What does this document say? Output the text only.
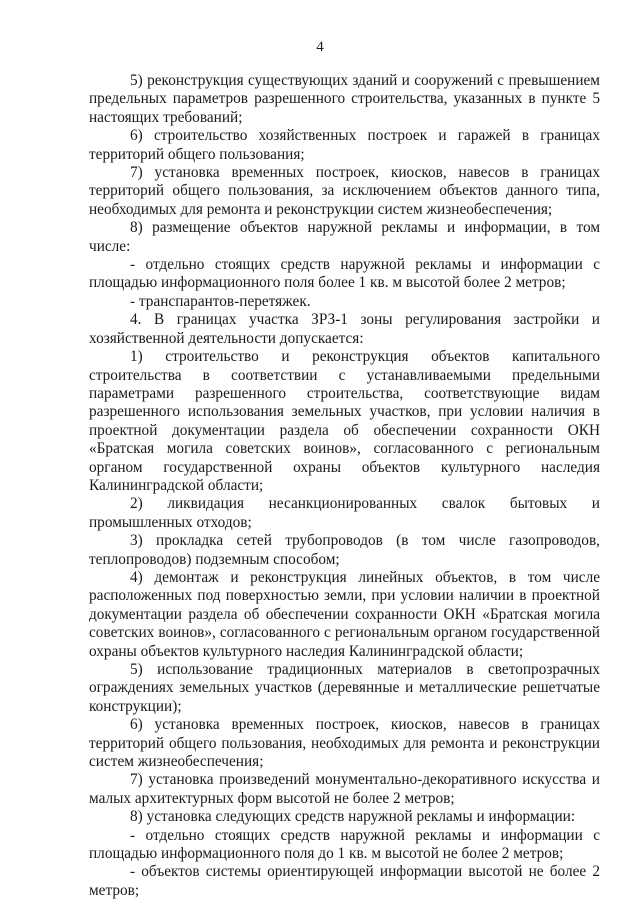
4

5) реконструкция существующих зданий и сооружений с превышением предельных параметров разрешенного строительства, указанных в пункте 5 настоящих требований;

6) строительство хозяйственных построек и гаражей в границах территорий общего пользования;

7) установка временных построек, киосков, навесов в границах территорий общего пользования, за исключением объектов данного типа, необходимых для ремонта и реконструкции систем жизнеобеспечения;

8) размещение объектов наружной рекламы и информации, в том числе:

- отдельно стоящих средств наружной рекламы и информации с площадью информационного поля более 1 кв. м высотой более 2 метров;

- транспарантов-перетяжек.

4. В границах участка ЗРЗ-1 зоны регулирования застройки и хозяйственной деятельности допускается:

1) строительство и реконструкция объектов капитального строительства в соответствии с устанавливаемыми предельными параметрами разрешенного строительства, соответствующие видам разрешенного использования земельных участков, при условии наличия в проектной документации раздела об обеспечении сохранности ОКН «Братская могила советских воинов», согласованного с региональным органом государственной охраны объектов культурного наследия Калининградской области;

2) ликвидация несанкционированных свалок бытовых и промышленных отходов;

3) прокладка сетей трубопроводов (в том числе газопроводов, теплопроводов) подземным способом;

4) демонтаж и реконструкция линейных объектов, в том числе расположенных под поверхностью земли, при условии наличии в проектной документации раздела об обеспечении сохранности ОКН «Братская могила советских воинов», согласованного с региональным органом государственной охраны объектов культурного наследия Калининградской области;

5) использование традиционных материалов в светопрозрачных ограждениях земельных участков (деревянные и металлические решетчатые конструкции);

6) установка временных построек, киосков, навесов в границах территорий общего пользования, необходимых для ремонта и реконструкции систем жизнеобеспечения;

7) установка произведений монументально-декоративного искусства и малых архитектурных форм высотой не более 2 метров;

8) установка следующих средств наружной рекламы и информации:

- отдельно стоящих средств наружной рекламы и информации с площадью информационного поля до 1 кв. м высотой не более 2 метров;

- объектов системы ориентирующей информации высотой не более 2 метров;
